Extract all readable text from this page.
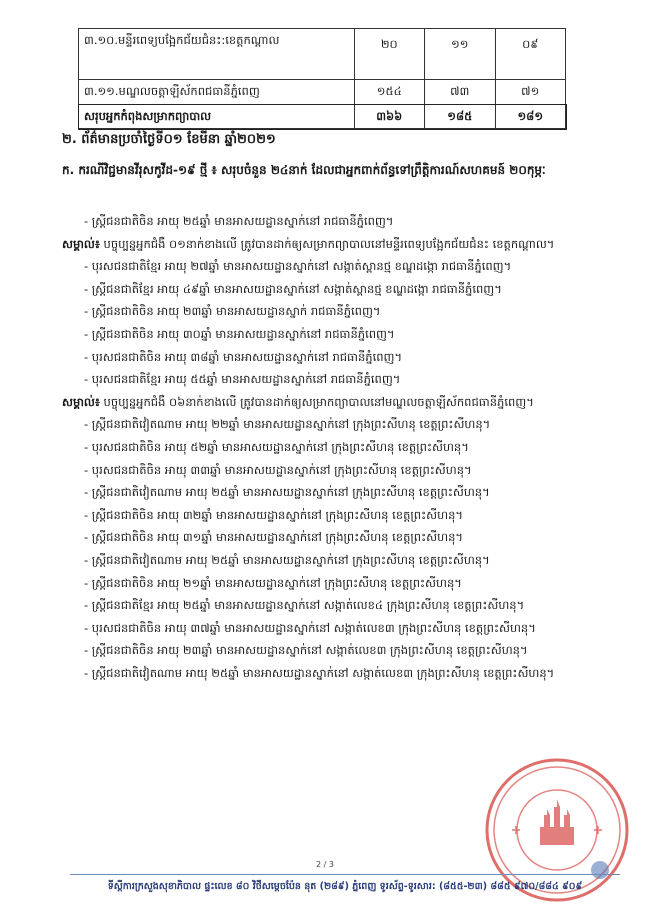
៣.១០.មន្ទីរពេទ្យបង្អែកជ័យជំនះ:ខេត្តកណ្តាល	២០	១១	០៩
៣.១១.មណ្ឌលចត្តាឡីស័កពជធានីភ្នំពេញ	១៥៤	៧៣	៧១
សរុបអ្នកកំពុងសម្រាកព្យាបាល	៣៦៦	១៨៥	១៨១
២. ព័ត៌មានប្រចាំថ្ងៃទី០១ ខែមីនា ឆ្នាំ២០២១
ក. ករណីវិជ្ជមានវីរុសកូវីដ-១៩ ថ្មី ៖ សរុបចំនួន ២៤នាក់ ដែលជាអ្នកពាក់ព័ន្ធទៅព្រឹត្តិការណ៍សហគមន៍ ២០កុម្ភៈ

- ស្ត្រីជនជាតិចិន អាយុ ២៥ឆ្នាំ មានអាសយដ្ឋានស្នាក់នៅ រាជធានីភ្នំពេញ។

សម្គាល់៖ បច្ចុប្បន្នអ្នកជំងឺ ០១នាក់ខាងលើ ត្រូវបានដាក់ឲ្យសម្រាកព្យាបាលនៅមន្ទីរពេទ្យបង្អែកជ័យជំនះ ខេត្តកណ្តាល។

- បុរសជនជាតិខ្មែរ អាយុ ២៧ឆ្នាំ មានអាសយដ្ឋានស្នាក់នៅ សង្កាត់ស្ពានថ្ម ខណ្ឌដង្កោ រាជធានីភ្នំពេញ។

- ស្ត្រីជនជាតិខ្មែរ អាយុ ៤៩ឆ្នាំ មានអាសយដ្ឋានស្នាក់នៅ សង្កាត់ស្ពានថ្ម ខណ្ឌដង្កោ រាជធានីភ្នំពេញ។

- ស្ត្រីជនជាតិចិន អាយុ ២៣ឆ្នាំ មានអាសយដ្ឋានស្នាក់ រាជធានីភ្នំពេញ។

- ស្ត្រីជនជាតិចិន អាយុ ៣០ឆ្នាំ មានអាសយដ្ឋានស្នាក់នៅ រាជធានីភ្នំពេញ។

- បុរសជនជាតិចិន អាយុ ៣៨ឆ្នាំ មានអាសយដ្ឋានស្នាក់នៅ រាជធានីភ្នំពេញ។

- បុរសជនជាតិខ្មែរ អាយុ ៥៥ឆ្នាំ មានអាសយដ្ឋានស្នាក់នៅ រាជធានីភ្នំពេញ។

សម្គាល់៖ បច្ចុប្បន្នអ្នកជំងឺ ០៦នាក់ខាងលើ ត្រូវបានដាក់ឲ្យសម្រាកព្យាបាលនៅមណ្ឌលចត្តាឡីស័កពជធានីភ្នំពេញ។

- ស្ត្រីជនជាតិវៀតណាម អាយុ ២២ឆ្នាំ មានអាសយដ្ឋានស្នាក់នៅ ក្រុងព្រះសីហនុ ខេត្តព្រះសីហនុ។

- បុរសជនជាតិចិន អាយុ ៥២ឆ្នាំ មានអាសយដ្ឋានស្នាក់នៅ ក្រុងព្រះសីហនុ ខេត្តព្រះសីហនុ។

- បុរសជនជាតិចិន អាយុ ៣៣ឆ្នាំ មានអាសយដ្ឋានស្នាក់នៅ ក្រុងព្រះសីហនុ ខេត្តព្រះសីហនុ។

- ស្ត្រីជនជាតិវៀតណាម អាយុ ២៥ឆ្នាំ មានអាសយដ្ឋានស្នាក់នៅ ក្រុងព្រះសីហនុ ខេត្តព្រះសីហនុ។

- ស្ត្រីជនជាតិចិន អាយុ ៣២ឆ្នាំ មានអាសយដ្ឋានស្នាក់នៅ ក្រុងព្រះសីហនុ ខេត្តព្រះសីហនុ។

- ស្ត្រីជនជាតិចិន អាយុ ៣១ឆ្នាំ មានអាសយដ្ឋានស្នាក់នៅ ក្រុងព្រះសីហនុ ខេត្តព្រះសីហនុ។

- ស្ត្រីជនជាតិវៀតណាម អាយុ ២៥ឆ្នាំ មានអាសយដ្ឋានស្នាក់នៅ ក្រុងព្រះសីហនុ ខេត្តព្រះសីហនុ។

- ស្ត្រីជនជាតិចិន អាយុ ២១ឆ្នាំ មានអាសយដ្ឋានស្នាក់នៅ ក្រុងព្រះសីហនុ ខេត្តព្រះសីហនុ។

- ស្ត្រីជនជាតិខ្មែរ អាយុ ២៥ឆ្នាំ មានអាសយដ្ឋានស្នាក់នៅ សង្កាត់លេខ៤ ក្រុងព្រះសីហនុ ខេត្តព្រះសីហនុ។

- បុរសជនជាតិចិន អាយុ ៣៧ឆ្នាំ មានអាសយដ្ឋានស្នាក់នៅ សង្កាត់លេខ៣ ក្រុងព្រះសីហនុ ខេត្តព្រះសីហនុ។

- ស្ត្រីជនជាតិចិន អាយុ ២៣ឆ្នាំ មានអាសយដ្ឋានស្នាក់នៅ សង្កាត់លេខ៣ ក្រុងព្រះសីហនុ ខេត្តព្រះសីហនុ។

- ស្ត្រីជនជាតិវៀតណាម អាយុ ២៥ឆ្នាំ មានអាសយដ្ឋានស្នាក់នៅ សង្កាត់លេខ៣ ក្រុងព្រះសីហនុ ខេត្តព្រះសីហនុ។

2 / 3
ទីស្តីការក្រសួងសុខាភិបាល ផ្ទះលេខ ៨០ វិថីសម្តេចប៉ែន នុត (២៨៩) ភ្នំពេញ ទូរស័ព្ទ-ទូរសារ: (៨៥៥-២៣) ៨៨៥ ៩៧០/៨៨៤ ៩០៩
